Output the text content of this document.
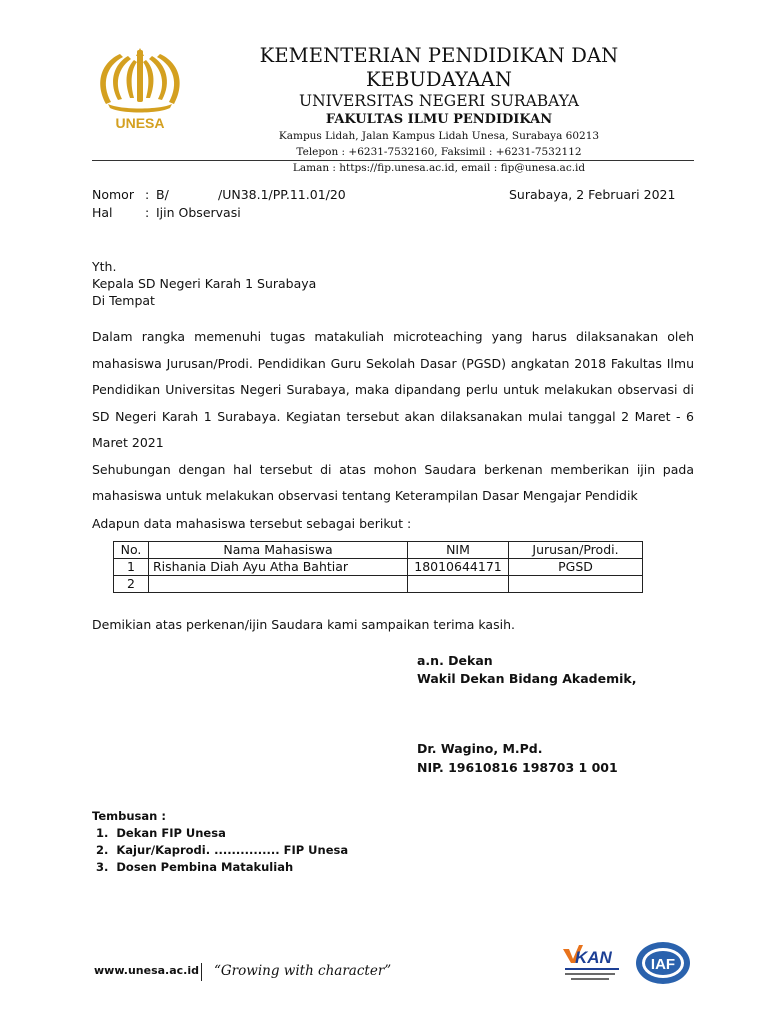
UNESA
KEMENTERIAN PENDIDIKAN DAN KEBUDAYAAN
UNIVERSITAS NEGERI SURABAYA
FAKULTAS ILMU PENDIDIKAN
Kampus Lidah, Jalan Kampus Lidah Unesa, Surabaya 60213
Telepon : +6231-7532160, Faksimil : +6231-7532112
Laman : https://fip.unesa.ac.id, email : fip@unesa.ac.id
Nomor : B/	/UN38.1/PP.11.01/20	Surabaya, 2 Februari 2021
Hal	: Ijin Observasi
Yth.
Kepala SD Negeri Karah 1 Surabaya
Di Tempat
Dalam rangka memenuhi tugas matakuliah microteaching yang harus dilaksanakan oleh mahasiswa Jurusan/Prodi. Pendidikan Guru Sekolah Dasar (PGSD) angkatan 2018 Fakultas Ilmu Pendidikan Universitas Negeri Surabaya, maka dipandang perlu untuk melakukan observasi di SD Negeri Karah 1 Surabaya. Kegiatan tersebut akan dilaksanakan mulai tanggal 2 Maret - 6 Maret 2021
Sehubungan dengan hal tersebut di atas mohon Saudara berkenan memberikan ijin pada mahasiswa untuk melakukan observasi tentang Keterampilan Dasar Mengajar Pendidik
Adapun data mahasiswa tersebut sebagai berikut :
No.	Nama Mahasiswa	NIM	Jurusan/Prodi.
1	Rishania Diah Ayu Atha Bahtiar	18010644171	PGSD
2			
Demikian atas perkenan/ijin Saudara kami sampaikan terima kasih.
a.n. Dekan
Wakil Dekan Bidang Akademik,
Dr. Wagino, M.Pd.
NIP. 19610816 198703 1 001
Tembusan :
1.  Dekan FIP Unesa
2.  Kajur/Kaprodi. ............... FIP Unesa
3.  Dosen Pembina Matakuliah
www.unesa.ac.id “Growing with character”
KAN	IAF
